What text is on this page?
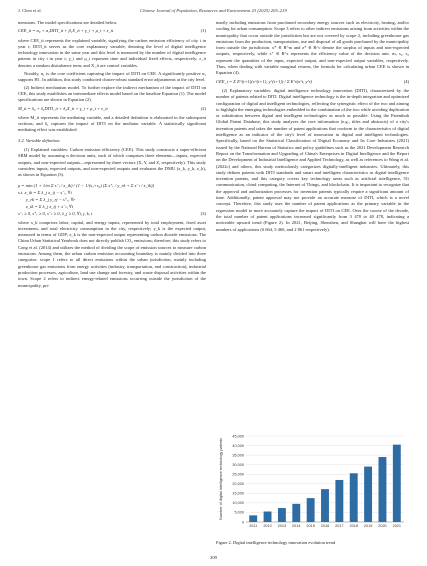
J. Chen et al.	Chinese Journal of Population, Resources and Environment 23 (2025) 205–219

mensions. The model specifications are detailed below.

CEE_it = α₀ + α₁DITI_it + β₁X_it + γ_i + μ_t + ε_it	(1)

where CEE_it represents the explained variable, signifying the carbon emission efficiency of city i in year t; DITI_it serves as the core explanatory variable, denoting the level of digital intelligence technology innovation in the same year and this level is measured by the number of digital intelligence patents in city i in year t; γ_i and μ_t represent time and individual fixed effects, respectively; ε_it denotes a random disturbance term; and X_it are control variables.

Notably, α₁ is the core coefficient capturing the impact of DITI on CEE. A significantly positive α₁ supports H1. In addition, this study conducted cluster-robust standard error adjustments at the city level.

(2) Indirect mechanism model. To further explore the indirect mechanism of the impact of DITI on CEE, this study establishes an intermediate effects model based on the baseline Equation (1). The model specifications are shown in Equation (2).

M_it = δ₀ + δ₁DITI_it + δ₂X_it + γ_i + μ_t + ε_it	(2)

where M_it represents the mediating variable, and a detailed definition is elaborated in the subsequent sections; and δ₁ captures the impact of DITI on the mediator variable. A statistically significant mediating effect was established.

3.2. Variable definition

(1) Explained variables: Carbon emission efficiency (CEE). This study constructs a super-efficient SBM model by assuming n decision units, each of which comprises three elements—inputs, expected outputs, and non-expected outputs—represented by three vectors (X, Y, and Z, respectively). This study considers inputs, expected outputs, and non-expected outputs and evaluates the DMU (x_k, y_k, z_k), as shown in Equation (3).

ρ = min (1 + 1/m Σ s⁻ᵢ / x_ik) / (1 − 1/(s₁+s₂) (Σ s⁺ᵣ / y_rk + Σ s⁻ₜ / z_tk))
s.t. x_ik = Σ λ_j x_ij − s⁻ᵢ, ∀i
y_rk = Σ λ_j y_rj − s⁺ᵣ, ∀r
z_tk = Σ λ_j z_tj + s⁻ₜ, ∀t
s⁻ᵢ ≥ 0, s⁺ᵣ ≥ 0, s⁻ₜ ≥ 0, λ_j ≥ 0, ∀i, j, k, t	(3)

where x_k comprises labor, capital, and energy inputs, represented by total employment, fixed asset investment, and total electricity consumption in the city, respectively; y_k is the expected output, measured in terms of GDP; z_k is the non-expected output representing carbon dioxide emissions. The China Urban Statistical Yearbook does not directly publish CO₂ emissions; therefore, this study refers to Cong et al. (2014) and utilizes the method of dividing the scope of emission sources to measure carbon emissions. Among them, the urban carbon emission accounting boundary is mainly divided into three categories: scope 1 refers to all direct emissions within the urban jurisdiction, mainly including greenhouse gas emissions from energy activities (industry, transportation, and construction), industrial production processes, agriculture, land use change and forestry, and waste disposal activities within the town. Scope 2 refers to indirect energy-related emissions occurring outside the jurisdiction of the municipality, pri-

marily including emissions from purchased secondary energy sources such as electricity, heating, and/or cooling for urban consumption. Scope 3 refers to other indirect emissions arising from activities within the municipality that occur outside the jurisdiction but are not covered by scope 2, including greenhouse gas emissions from the production, transportation, use and disposal of all goods purchased by the municipality from outside the jurisdiction. x* ∈ R^m and z* ∈ R^c denote the surplus of inputs and non-expected outputs, respectively, while s⁺ ∈ R^s represents the efficiency value of the decision unit. m, s₁, s₂ represent the quantities of the input, expected output, and non-expected output variables, respectively. Thus, when dealing with variable marginal returns, the formula for calculating urban CEE is shown in Equation (4).

CEE_t = Σ E^(t+1)(x^(t+1), y^(t+1)) / Σ E^t(x^t, y^t)	(4)

(2) Explanatory variables: digital intelligence technology innovation (DITI), characterized by the number of patents related to DITI. Digital intelligence technology is the in-depth integration and optimized configuration of digital and intelligent technologies, reflecting the synergistic effect of the two and aiming to highlight the emerging technologies embedded in the combination of the two while avoiding duplication or substitution between digital and intelligent technologies as much as possible. Using the Patentbuh Global Patent Database, this study analyzes the core information (e.g., titles and abstracts) of a city's invention patents and takes the number of patent applications that conform to the characteristics of digital intelligence as an indicator of the city's level of innovation in digital and intelligent technologies. Specifically, based on the Statistical Classification of Digital Economy and Its Core Industries (2021) issued by the National Bureau of Statistics and policy guidelines such as the 2021 Development Research Report on the Transformation and Upgrading of China's Enterprises in Digital Intelligence and the Report on the Development of Industrial Intelligence and Applied Technology, as well as references to Wang et al. (2022c) and others, this study meticulously categorizes digitally-intelligent industries. Ultimately, this study defines patents with DITI standards and smart and intelligent characteristics as digital intelligence invention patents, and this category covers key technology areas such as artificial intelligence, 5G communication, cloud computing, the Internet of Things, and blockchain. It is important to recognize that the approval and authorization processes for invention patents typically require a significant amount of time. Additionally, patent approval may not provide an accurate measure of DITI, which is a novel concept. Therefore, this study uses the number of patent applications as the primary variable in the regression model to more accurately capture the impact of DITI on CEE. Over the course of the decade, the total number of patent applications increased significantly from 3 470 to 40 478, indicating a noticeable upward trend (Figure 2). In 2021, Beijing, Shenzhen, and Shanghai will have the highest numbers of applications (6 664, 5 460, and 2 861 respectively).

0
5,000
10,000
15,000
20,000
25,000
30,000
35,000
40,000
45,000
2011 2012 2013 2014 2015 2016 2017 2018 2019 2020 2021
Number of digital intelligence technology patents
Figure 2. Digital intelligence technology innovation evolution trend
209
